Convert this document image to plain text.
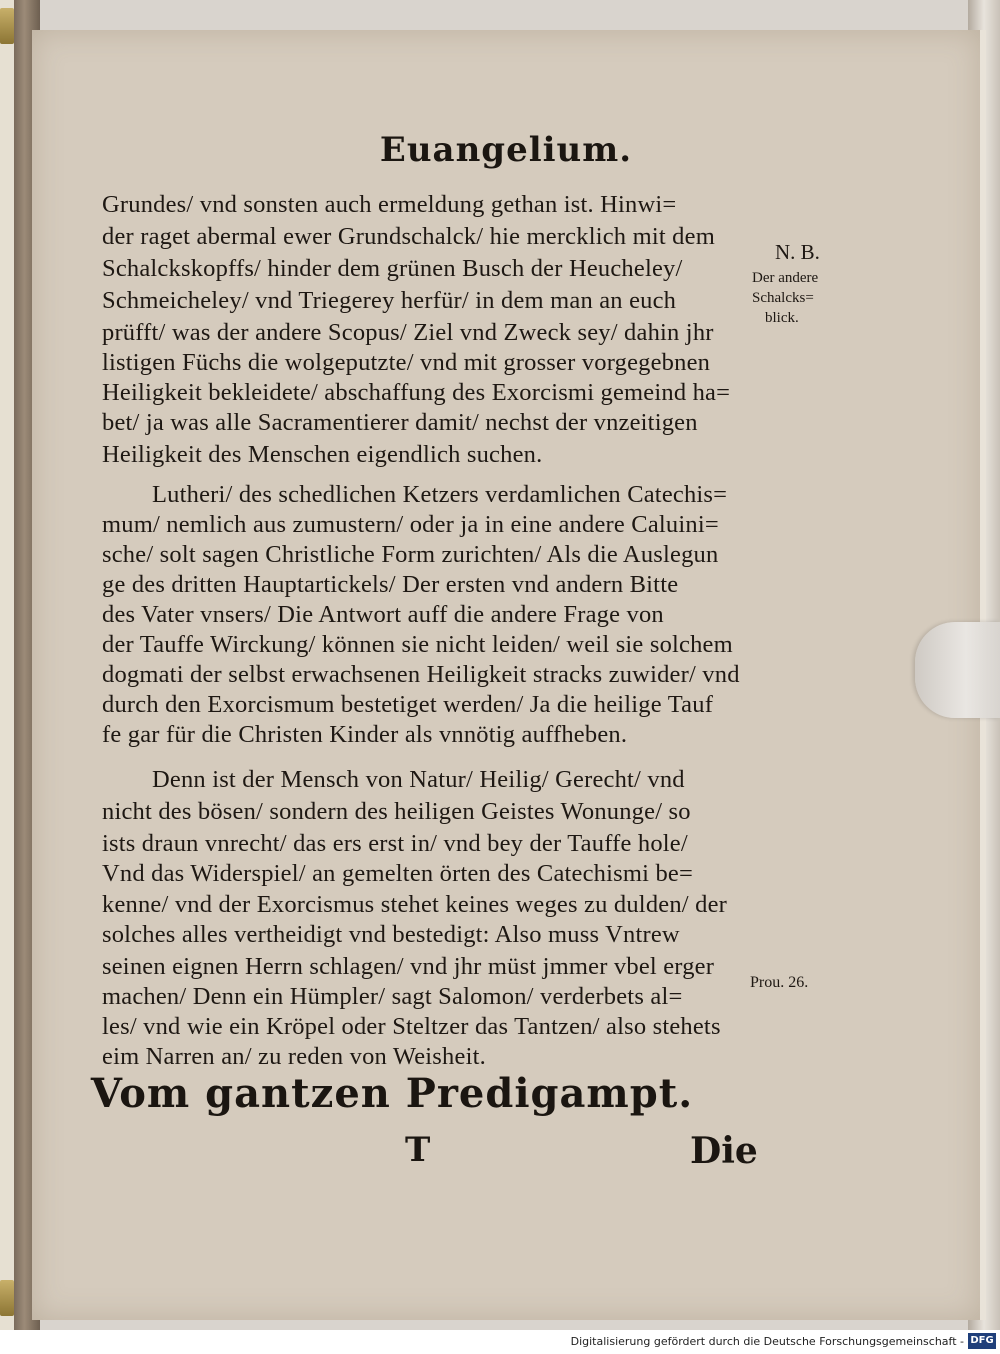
Euangelium.
Grundes/ vnd sonsten auch ermeldung gethan ist. Hinwi=
der raget abermal ewer Grundschalck/ hie mercklich mit dem
Schalckskopffs/ hinder dem grünen Busch der Heucheley/
Schmeicheley/ vnd Triegerey herfür/ in dem man an euch
prüfft/ was der andere Scopus/ Ziel vnd Zweck sey/ dahin jhr
listigen Füchs die wolgeputzte/ vnd mit grosser vorgegebnen
Heiligkeit bekleidete/ abschaffung des Exorcismi gemeind ha=
bet/ ja was alle Sacramentierer damit/ nechst der vnzeitigen
Heiligkeit des Menschen eigendlich suchen.
Lutheri/ des schedlichen Ketzers verdamlichen Catechis=
mum/ nemlich aus zumustern/ oder ja in eine andere Caluini=
sche/ solt sagen Christliche Form zurichten/ Als die Auslegun
ge des dritten Hauptartickels/ Der ersten vnd andern Bitte
des Vater vnsers/ Die Antwort auff die andere Frage von
der Tauffe Wirckung/ können sie nicht leiden/ weil sie solchem
dogmati der selbst erwachsenen Heiligkeit stracks zuwider/ vnd
durch den Exorcismum bestetiget werden/ Ja die heilige Tauf
fe gar für die Christen Kinder als vnnötig auffheben.
Denn ist der Mensch von Natur/ Heilig/ Gerecht/ vnd
nicht des bösen/ sondern des heiligen Geistes Wonunge/ so
ists draun vnrecht/ das ers erst in/ vnd bey der Tauffe hole/
Vnd das Widerspiel/ an gemelten örten des Catechismi be=
kenne/ vnd der Exorcismus stehet keines weges zu dulden/ der
solches alles vertheidigt vnd bestedigt: Also muss Vntrew
seinen eignen Herrn schlagen/ vnd jhr müst jmmer vbel erger
machen/ Denn ein Hümpler/ sagt Salomon/ verderbets al=
les/ vnd wie ein Kröpel oder Steltzer das Tantzen/ also stehets
eim Narren an/ zu reden von Weisheit.
N. B.
Der andere
Schalcks=
blick.
Prou. 26.
Vom gantzen Predigampt.
T	Die
Digitalisierung gefördert durch die Deutsche Forschungsgemeinschaft - DFG
